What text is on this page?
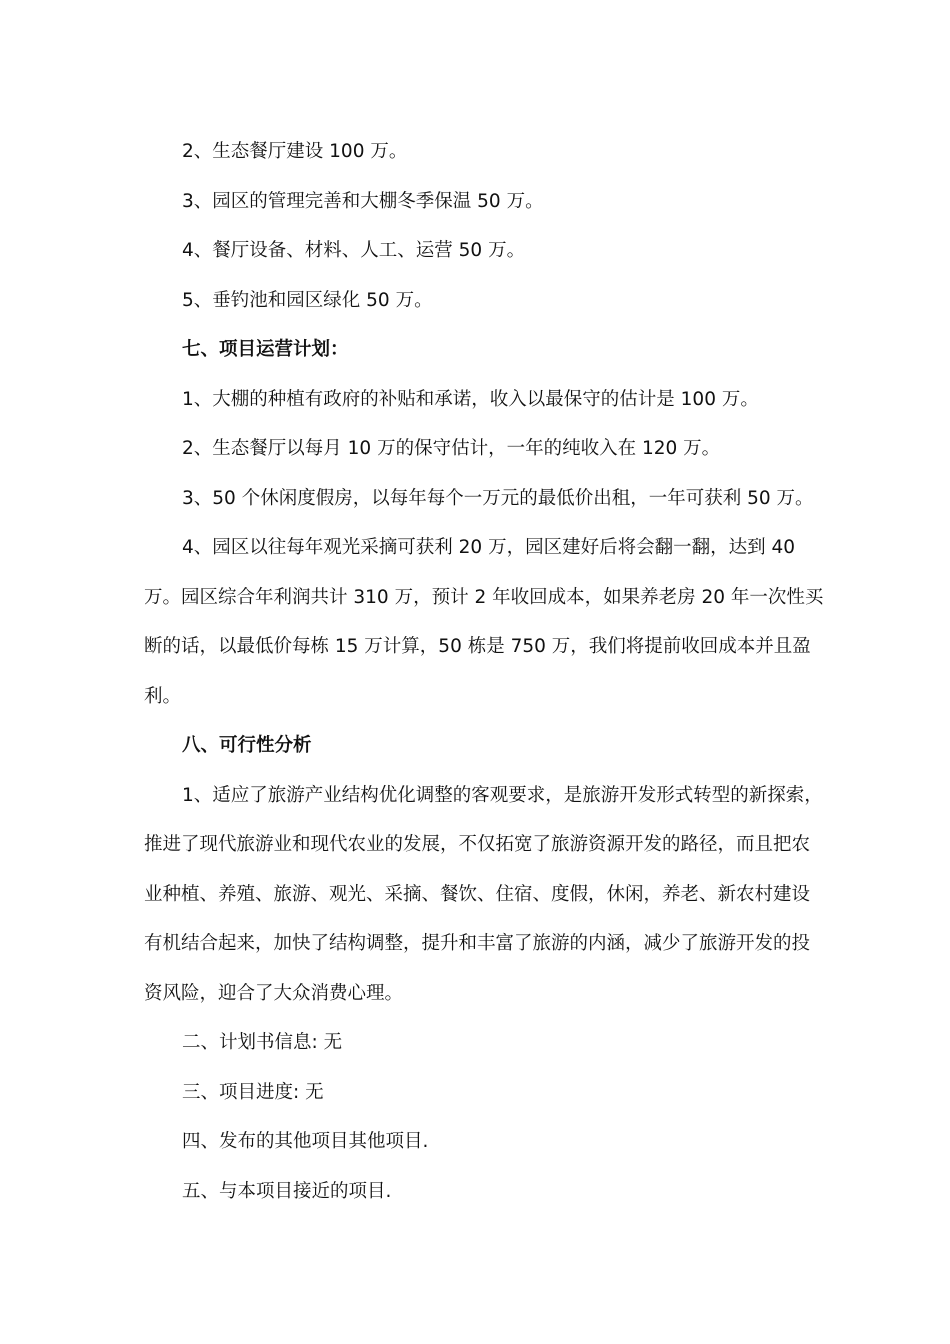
2、生态餐厅建设 100 万。

3、园区的管理完善和大棚冬季保温 50 万。

4、餐厅设备、材料、人工、运营 50 万。

5、垂钓池和园区绿化 50 万。

七、项目运营计划：

1、大棚的种植有政府的补贴和承诺，收入以最保守的估计是 100 万。

2、生态餐厅以每月 10 万的保守估计，一年的纯收入在 120 万。

3、50 个休闲度假房，以每年每个一万元的最低价出租，一年可获利 50 万。

4、园区以往每年观光采摘可获利 20 万，园区建好后将会翻一翻，达到 40 万。园区综合年利润共计 310 万，预计 2 年收回成本，如果养老房 20 年一次性买断的话，以最低价每栋 15 万计算，50 栋是 750 万，我们将提前收回成本并且盈利。

八、可行性分析

1、适应了旅游产业结构优化调整的客观要求，是旅游开发形式转型的新探索，推进了现代旅游业和现代农业的发展，不仅拓宽了旅游资源开发的路径，而且把农业种植、养殖、旅游、观光、采摘、餐饮、住宿、度假，休闲，养老、新农村建设有机结合起来，加快了结构调整，提升和丰富了旅游的内涵，减少了旅游开发的投资风险，迎合了大众消费心理。

二、计划书信息: 无

三、项目进度: 无

四、发布的其他项目其他项目.

五、与本项目接近的项目.
